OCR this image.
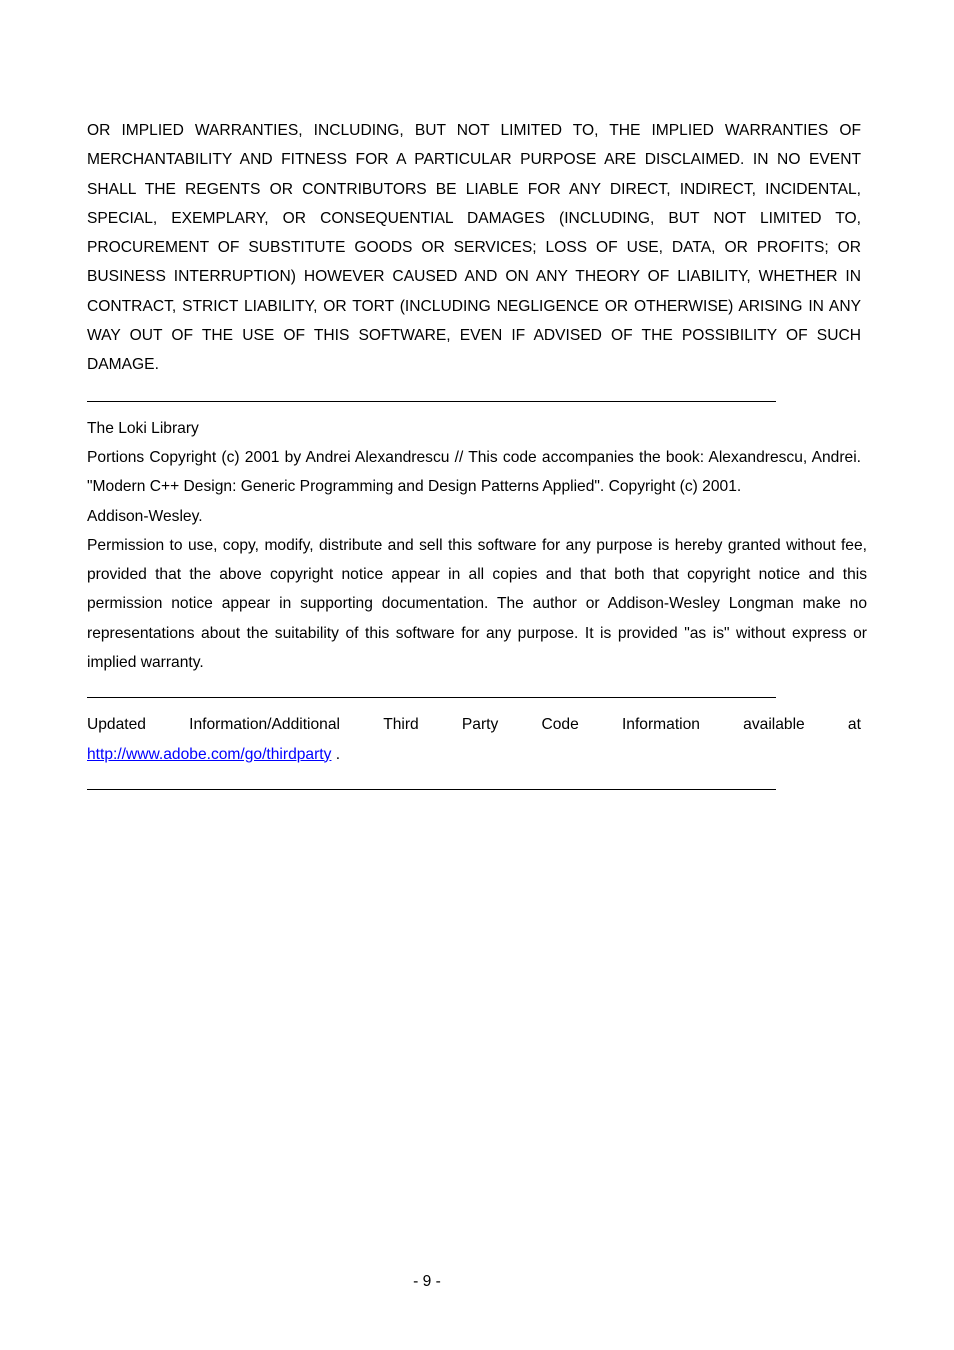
OR IMPLIED WARRANTIES, INCLUDING, BUT NOT LIMITED TO, THE IMPLIED WARRANTIES OF MERCHANTABILITY AND FITNESS FOR A PARTICULAR PURPOSE ARE DISCLAIMED. IN NO EVENT SHALL THE REGENTS OR CONTRIBUTORS BE LIABLE FOR ANY DIRECT, INDIRECT, INCIDENTAL, SPECIAL, EXEMPLARY, OR CONSEQUENTIAL DAMAGES (INCLUDING, BUT NOT LIMITED TO, PROCUREMENT OF SUBSTITUTE GOODS OR SERVICES; LOSS OF USE, DATA, OR PROFITS; OR BUSINESS INTERRUPTION) HOWEVER CAUSED AND ON ANY THEORY OF LIABILITY, WHETHER IN CONTRACT, STRICT LIABILITY, OR TORT (INCLUDING NEGLIGENCE OR OTHERWISE) ARISING IN ANY WAY OUT OF THE USE OF THIS SOFTWARE, EVEN IF ADVISED OF THE POSSIBILITY OF SUCH DAMAGE.

The Loki Library

Portions Copyright (c) 2001 by Andrei Alexandrescu // This code accompanies the book: Alexandrescu, Andrei. "Modern C++ Design: Generic Programming and Design Patterns Applied". Copyright (c) 2001.
Addison-Wesley.

Permission to use, copy, modify, distribute and sell this software for any purpose is hereby granted without fee, provided that the above copyright notice appear in all copies and that both that copyright notice and this permission notice appear in supporting documentation. The author or Addison-Wesley Longman make no representations about the suitability of this software for any purpose. It is provided "as is" without express or implied warranty.

Updated	Information/Additional	Third	Party	Code	Information	available	at

http://www.adobe.com/go/thirdparty .

- 9 -
